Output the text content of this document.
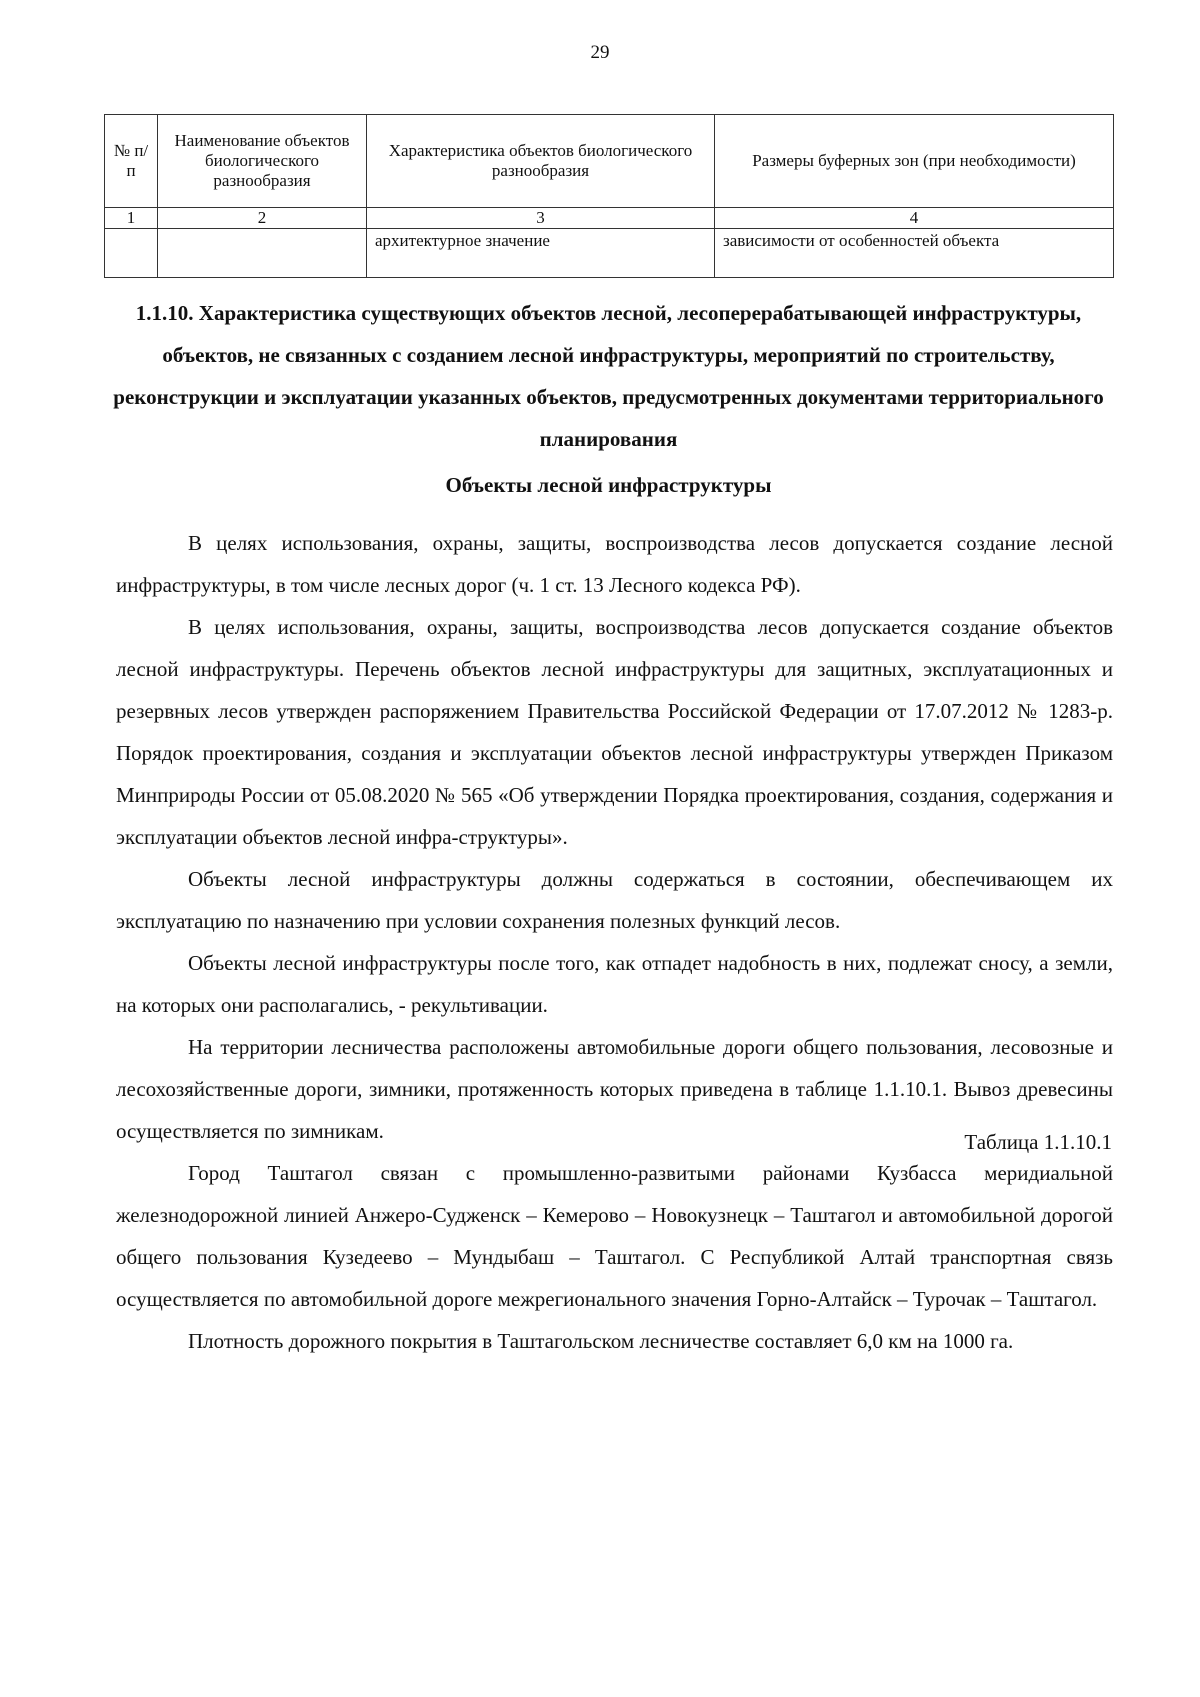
29
№ п/п	Наименование объектов биологического разнообразия	Характеристика объектов биологического разнообразия	Размеры буферных зон (при необходимости)
1	2	3	4
		архитектурное значение	зависимости от особенностей объекта
1.1.10. Характеристика существующих объектов лесной, лесоперерабатывающей инфраструктуры, объектов, не связанных с созданием лесной инфраструктуры, мероприятий по строительству, реконструкции и эксплуатации указанных объектов, предусмотренных документами территориального планирования
Объекты лесной инфраструктуры

В целях использования, охраны, защиты, воспроизводства лесов допускается создание лесной инфраструктуры, в том числе лесных дорог (ч. 1 ст. 13 Лесного кодекса РФ).

В целях использования, охраны, защиты, воспроизводства лесов допускается создание объектов лесной инфраструктуры. Перечень объектов лесной инфраструктуры для защитных, эксплуатационных и резервных лесов утвержден распоряжением Правительства Российской Федерации от 17.07.2012 № 1283-р. Порядок проектирования, создания и эксплуатации объектов лесной инфраструктуры утвержден Приказом Минприроды России от 05.08.2020 № 565 «Об утверждении Порядка проектирования, создания, содержания и эксплуатации объектов лесной инфра-структуры».

Объекты лесной инфраструктуры должны содержаться в состоянии, обеспечивающем их эксплуатацию по назначению при условии сохранения полезных функций лесов.

Объекты лесной инфраструктуры после того, как отпадет надобность в них, подлежат сносу, а земли, на которых они располагались, - рекультивации.

На территории лесничества расположены автомобильные дороги общего пользования, лесовозные и лесохозяйственные дороги, зимники, протяженность которых приведена в таблице 1.1.10.1. Вывоз древесины осуществляется по зимникам.

Город Таштагол связан с промышленно-развитыми районами Кузбасса меридиальной железнодорожной линией Анжеро-Судженск – Кемерово – Новокузнецк – Таштагол и автомобильной дорогой общего пользования Кузедеево – Мундыбаш – Таштагол. С Республикой Алтай транспортная связь осуществляется по автомобильной дороге межрегионального значения Горно-Алтайск – Турочак – Таштагол.

Плотность дорожного покрытия в Таштагольском лесничестве составляет 6,0 км на 1000 га.

Таблица 1.1.10.1
